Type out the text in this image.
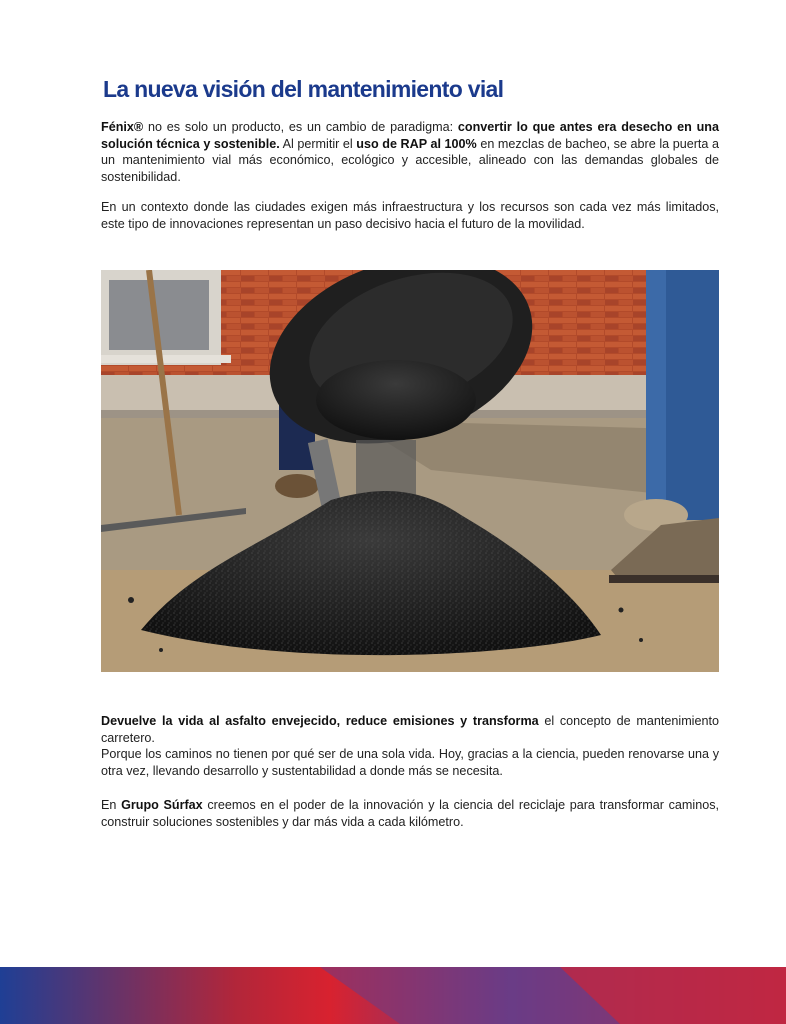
La nueva visión del mantenimiento vial

Fénix® no es solo un producto, es un cambio de paradigma: convertir lo que antes era desecho en una solución técnica y sostenible. Al permitir el uso de RAP al 100% en mezclas de bacheo, se abre la puerta a un mantenimiento vial más económico, ecológico y accesible, alineado con las demandas globales de sostenibilidad.

En un contexto donde las ciudades exigen más infraestructura y los recursos son cada vez más limitados, este tipo de innovaciones representan un paso decisivo hacia el futuro de la movilidad.

Devuelve la vida al asfalto envejecido, reduce emisiones y transforma el concepto de mantenimiento carretero.
Porque los caminos no tienen por qué ser de una sola vida. Hoy, gracias a la ciencia, pueden renovarse una y otra vez, llevando desarrollo y sustentabilidad a donde más se necesita.

En Grupo Súrfax creemos en el poder de la innovación y la ciencia del reciclaje para transformar caminos, construir soluciones sostenibles y dar más vida a cada kilómetro.
